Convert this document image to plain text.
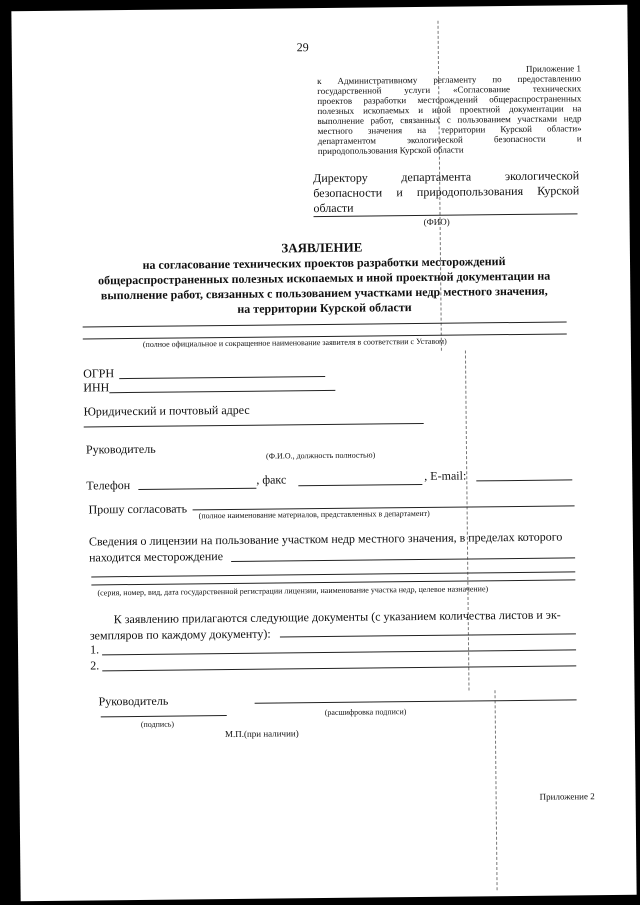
29
Приложение 1
к Административному регламенту по предоставлению
государственной услуги «Согласование технических
проектов разработки месторождений общераспространенных
полезных ископаемых и иной проектной документации на
выполнение работ, связанных с пользованием участками недр
местного значения на территории Курской области»
департаментом экологической безопасности и
природопользования Курской области
Директору департамента экологической
безопасности и природопользования Курской
области
(ФИО)
ЗАЯВЛЕНИЕ
на согласование технических проектов разработки месторождений
общераспространенных полезных ископаемых и иной проектной документации на
выполнение работ, связанных с пользованием участками недр местного значения,
на территории Курской области
(полное официальное и сокращенное наименование заявителя в соответствии с Уставом)
ОГРН
ИНН
Юридический и почтовый адрес
Руководитель	(Ф.И.О., должность полностью)
Телефон	, факс	, E-mail:
Прошу согласовать (полное наименование материалов, представленных в департамент)
Сведения о лицензии на пользование участком недр местного значения, в пределах которого
находится месторождение
(серия, номер, вид, дата государственной регистрации лицензии, наименование участка недр, целевое назначение)
К заявлению прилагаются следующие документы (с указанием количества листов и эк-
земпляров по каждому документу):
1.
2.
Руководитель
(подпись)
(расшифровка подписи)
М.П.(при наличии)
Приложение 2
